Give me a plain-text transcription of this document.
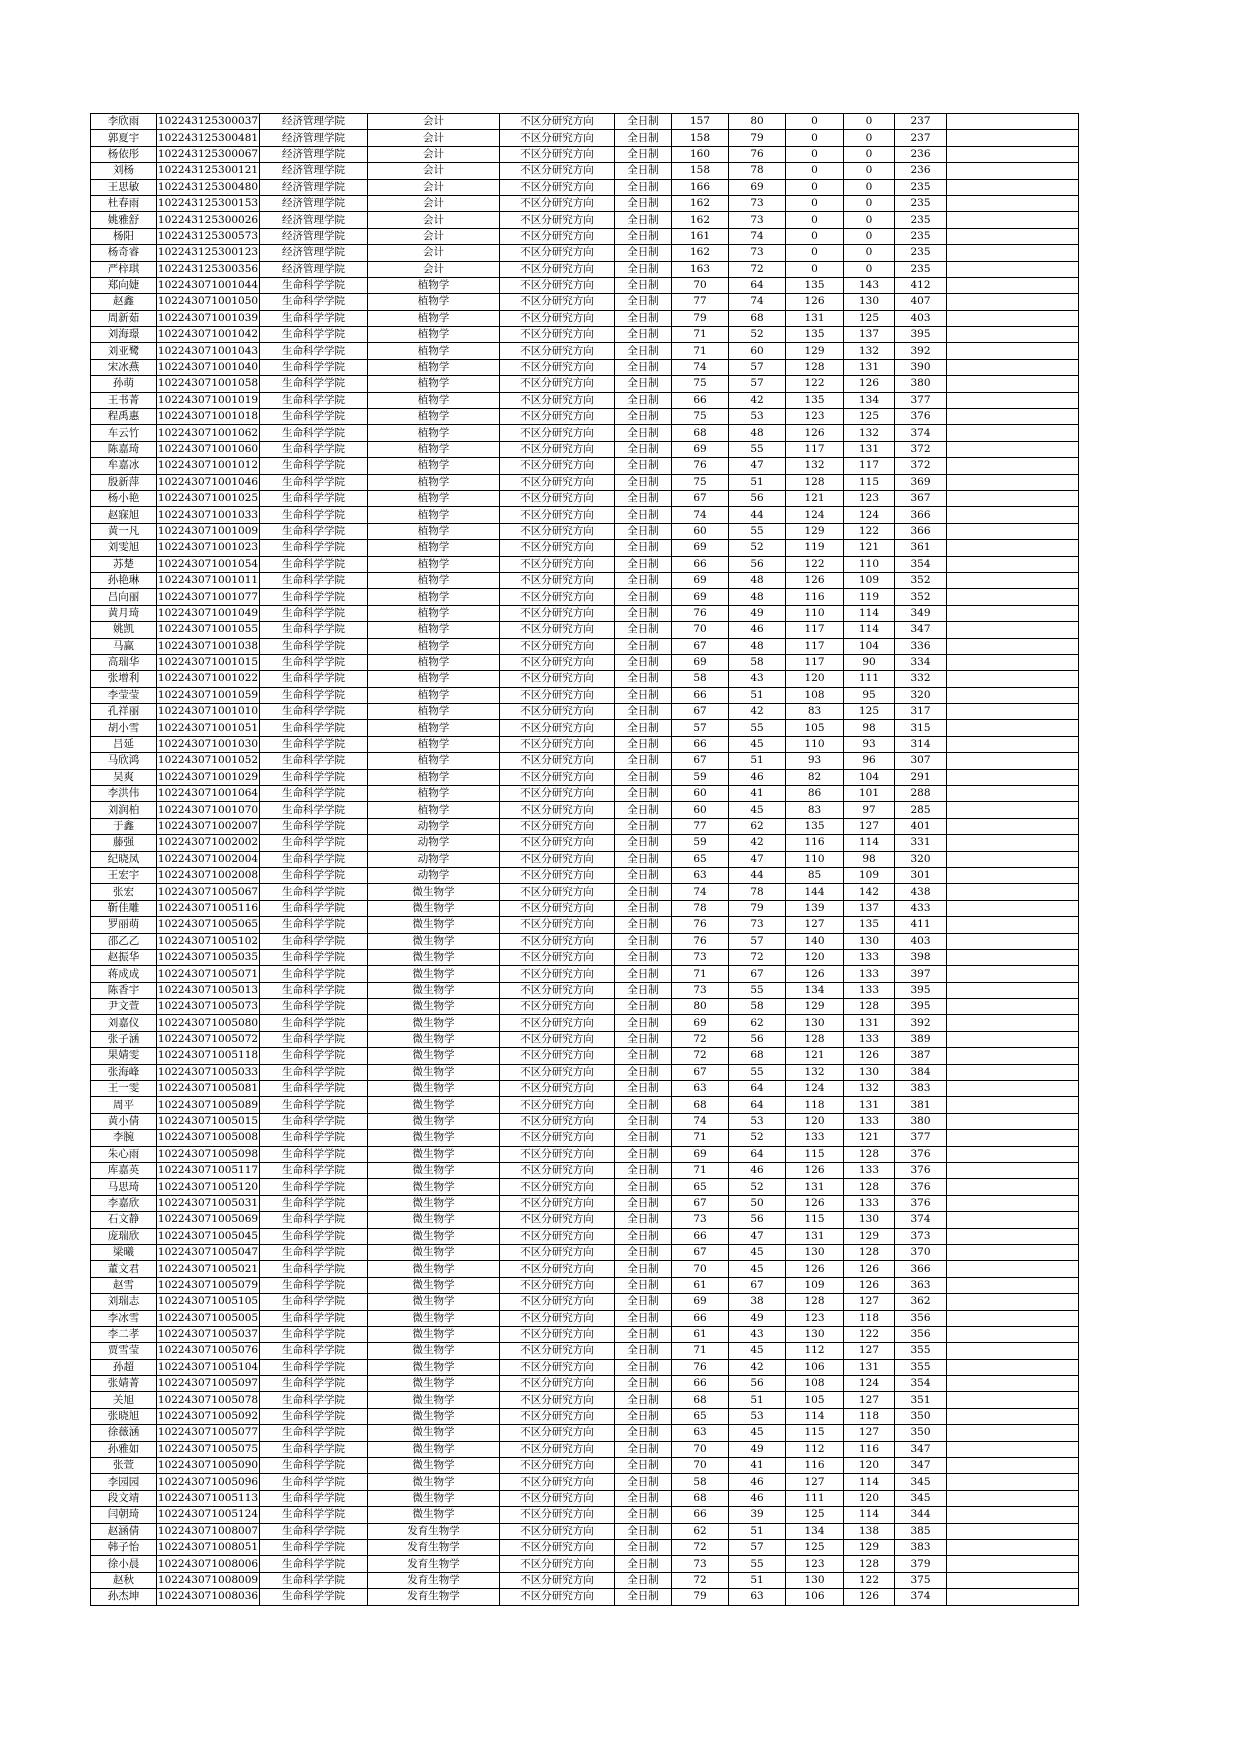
李欣雨	102243125300037	经济管理学院	会计	不区分研究方向	全日制	157	80	0	0	237	
郭夏宇	102243125300481	经济管理学院	会计	不区分研究方向	全日制	158	79	0	0	237	
杨依彤	102243125300067	经济管理学院	会计	不区分研究方向	全日制	160	76	0	0	236	
刘杨	102243125300121	经济管理学院	会计	不区分研究方向	全日制	158	78	0	0	236	
王思敏	102243125300480	经济管理学院	会计	不区分研究方向	全日制	166	69	0	0	235	
杜春雨	102243125300153	经济管理学院	会计	不区分研究方向	全日制	162	73	0	0	235	
姚雅舒	102243125300026	经济管理学院	会计	不区分研究方向	全日制	162	73	0	0	235	
杨阳	102243125300573	经济管理学院	会计	不区分研究方向	全日制	161	74	0	0	235	
杨奇睿	102243125300123	经济管理学院	会计	不区分研究方向	全日制	162	73	0	0	235	
严梓琪	102243125300356	经济管理学院	会计	不区分研究方向	全日制	163	72	0	0	235	
郑向婕	102243071001044	生命科学学院	植物学	不区分研究方向	全日制	70	64	135	143	412	
赵鑫	102243071001050	生命科学学院	植物学	不区分研究方向	全日制	77	74	126	130	407	
周新茹	102243071001039	生命科学学院	植物学	不区分研究方向	全日制	79	68	131	125	403	
刘海璟	102243071001042	生命科学学院	植物学	不区分研究方向	全日制	71	52	135	137	395	
刘亚鹭	102243071001043	生命科学学院	植物学	不区分研究方向	全日制	71	60	129	132	392	
宋冰燕	102243071001040	生命科学学院	植物学	不区分研究方向	全日制	74	57	128	131	390	
孙萌	102243071001058	生命科学学院	植物学	不区分研究方向	全日制	75	57	122	126	380	
王书菁	102243071001019	生命科学学院	植物学	不区分研究方向	全日制	66	42	135	134	377	
程禹惠	102243071001018	生命科学学院	植物学	不区分研究方向	全日制	75	53	123	125	376	
车云竹	102243071001062	生命科学学院	植物学	不区分研究方向	全日制	68	48	126	132	374	
陈嘉琦	102243071001060	生命科学学院	植物学	不区分研究方向	全日制	69	55	117	131	372	
牟嘉冰	102243071001012	生命科学学院	植物学	不区分研究方向	全日制	76	47	132	117	372	
殷新萍	102243071001046	生命科学学院	植物学	不区分研究方向	全日制	75	51	128	115	369	
杨小艳	102243071001025	生命科学学院	植物学	不区分研究方向	全日制	67	56	121	123	367	
赵寐旭	102243071001033	生命科学学院	植物学	不区分研究方向	全日制	74	44	124	124	366	
黄一凡	102243071001009	生命科学学院	植物学	不区分研究方向	全日制	60	55	129	122	366	
刘雯旭	102243071001023	生命科学学院	植物学	不区分研究方向	全日制	69	52	119	121	361	
苏楚	102243071001054	生命科学学院	植物学	不区分研究方向	全日制	66	56	122	110	354	
孙艳琳	102243071001011	生命科学学院	植物学	不区分研究方向	全日制	69	48	126	109	352	
吕向丽	102243071001077	生命科学学院	植物学	不区分研究方向	全日制	69	48	116	119	352	
黄月琦	102243071001049	生命科学学院	植物学	不区分研究方向	全日制	76	49	110	114	349	
姚凯	102243071001055	生命科学学院	植物学	不区分研究方向	全日制	70	46	117	114	347	
马赢	102243071001038	生命科学学院	植物学	不区分研究方向	全日制	67	48	117	104	336	
高瑞华	102243071001015	生命科学学院	植物学	不区分研究方向	全日制	69	58	117	90	334	
张增利	102243071001022	生命科学学院	植物学	不区分研究方向	全日制	58	43	120	111	332	
李莹莹	102243071001059	生命科学学院	植物学	不区分研究方向	全日制	66	51	108	95	320	
孔祥丽	102243071001010	生命科学学院	植物学	不区分研究方向	全日制	67	42	83	125	317	
胡小雪	102243071001051	生命科学学院	植物学	不区分研究方向	全日制	57	55	105	98	315	
吕延	102243071001030	生命科学学院	植物学	不区分研究方向	全日制	66	45	110	93	314	
马欣鸿	102243071001052	生命科学学院	植物学	不区分研究方向	全日制	67	51	93	96	307	
吴爽	102243071001029	生命科学学院	植物学	不区分研究方向	全日制	59	46	82	104	291	
李洪伟	102243071001064	生命科学学院	植物学	不区分研究方向	全日制	60	41	86	101	288	
刘润柏	102243071001070	生命科学学院	植物学	不区分研究方向	全日制	60	45	83	97	285	
于鑫	102243071002007	生命科学学院	动物学	不区分研究方向	全日制	77	62	135	127	401	
藤强	102243071002002	生命科学学院	动物学	不区分研究方向	全日制	59	42	116	114	331	
纪晓凤	102243071002004	生命科学学院	动物学	不区分研究方向	全日制	65	47	110	98	320	
王宏宇	102243071002008	生命科学学院	动物学	不区分研究方向	全日制	63	44	85	109	301	
张宏	102243071005067	生命科学学院	微生物学	不区分研究方向	全日制	74	78	144	142	438	
靳佳雕	102243071005116	生命科学学院	微生物学	不区分研究方向	全日制	78	79	139	137	433	
罗丽萌	102243071005065	生命科学学院	微生物学	不区分研究方向	全日制	76	73	127	135	411	
邵乙乙	102243071005102	生命科学学院	微生物学	不区分研究方向	全日制	76	57	140	130	403	
赵振华	102243071005035	生命科学学院	微生物学	不区分研究方向	全日制	73	72	120	133	398	
蒋成成	102243071005071	生命科学学院	微生物学	不区分研究方向	全日制	71	67	126	133	397	
陈香宇	102243071005013	生命科学学院	微生物学	不区分研究方向	全日制	73	55	134	133	395	
尹文萱	102243071005073	生命科学学院	微生物学	不区分研究方向	全日制	80	58	129	128	395	
刘嘉仪	102243071005080	生命科学学院	微生物学	不区分研究方向	全日制	69	62	130	131	392	
张子涵	102243071005072	生命科学学院	微生物学	不区分研究方向	全日制	72	56	128	133	389	
果婧雯	102243071005118	生命科学学院	微生物学	不区分研究方向	全日制	72	68	121	126	387	
张海峰	102243071005033	生命科学学院	微生物学	不区分研究方向	全日制	67	55	132	130	384	
王一雯	102243071005081	生命科学学院	微生物学	不区分研究方向	全日制	63	64	124	132	383	
周平	102243071005089	生命科学学院	微生物学	不区分研究方向	全日制	68	64	118	131	381	
黄小倩	102243071005015	生命科学学院	微生物学	不区分研究方向	全日制	74	53	120	133	380	
李腕	102243071005008	生命科学学院	微生物学	不区分研究方向	全日制	71	52	133	121	377	
朱心雨	102243071005098	生命科学学院	微生物学	不区分研究方向	全日制	69	64	115	128	376	
库嘉英	102243071005117	生命科学学院	微生物学	不区分研究方向	全日制	71	46	126	133	376	
马思琦	102243071005120	生命科学学院	微生物学	不区分研究方向	全日制	65	52	131	128	376	
李嘉欣	102243071005031	生命科学学院	微生物学	不区分研究方向	全日制	67	50	126	133	376	
石文静	102243071005069	生命科学学院	微生物学	不区分研究方向	全日制	73	56	115	130	374	
庞瑞欣	102243071005045	生命科学学院	微生物学	不区分研究方向	全日制	66	47	131	129	373	
梁曦	102243071005047	生命科学学院	微生物学	不区分研究方向	全日制	67	45	130	128	370	
董文君	102243071005021	生命科学学院	微生物学	不区分研究方向	全日制	70	45	126	126	366	
赵雪	102243071005079	生命科学学院	微生物学	不区分研究方向	全日制	61	67	109	126	363	
刘瑞志	102243071005105	生命科学学院	微生物学	不区分研究方向	全日制	69	38	128	127	362	
李冰雪	102243071005005	生命科学学院	微生物学	不区分研究方向	全日制	66	49	123	118	356	
李二孝	102243071005037	生命科学学院	微生物学	不区分研究方向	全日制	61	43	130	122	356	
贾雪莹	102243071005076	生命科学学院	微生物学	不区分研究方向	全日制	71	45	112	127	355	
孙超	102243071005104	生命科学学院	微生物学	不区分研究方向	全日制	76	42	106	131	355	
张婧菁	102243071005097	生命科学学院	微生物学	不区分研究方向	全日制	66	56	108	124	354	
关旭	102243071005078	生命科学学院	微生物学	不区分研究方向	全日制	68	51	105	127	351	
张晓旭	102243071005092	生命科学学院	微生物学	不区分研究方向	全日制	65	53	114	118	350	
徐薇涵	102243071005077	生命科学学院	微生物学	不区分研究方向	全日制	63	45	115	127	350	
孙雅如	102243071005075	生命科学学院	微生物学	不区分研究方向	全日制	70	49	112	116	347	
张萱	102243071005090	生命科学学院	微生物学	不区分研究方向	全日制	70	41	116	120	347	
李园园	102243071005096	生命科学学院	微生物学	不区分研究方向	全日制	58	46	127	114	345	
段文靖	102243071005113	生命科学学院	微生物学	不区分研究方向	全日制	68	46	111	120	345	
闫朝琦	102243071005124	生命科学学院	微生物学	不区分研究方向	全日制	66	39	125	114	344	
赵涵倩	102243071008007	生命科学学院	发育生物学	不区分研究方向	全日制	62	51	134	138	385	
韩子怡	102243071008051	生命科学学院	发育生物学	不区分研究方向	全日制	72	57	125	129	383	
徐小晨	102243071008006	生命科学学院	发育生物学	不区分研究方向	全日制	73	55	123	128	379	
赵秋	102243071008009	生命科学学院	发育生物学	不区分研究方向	全日制	72	51	130	122	375	
孙杰坤	102243071008036	生命科学学院	发育生物学	不区分研究方向	全日制	79	63	106	126	374	
